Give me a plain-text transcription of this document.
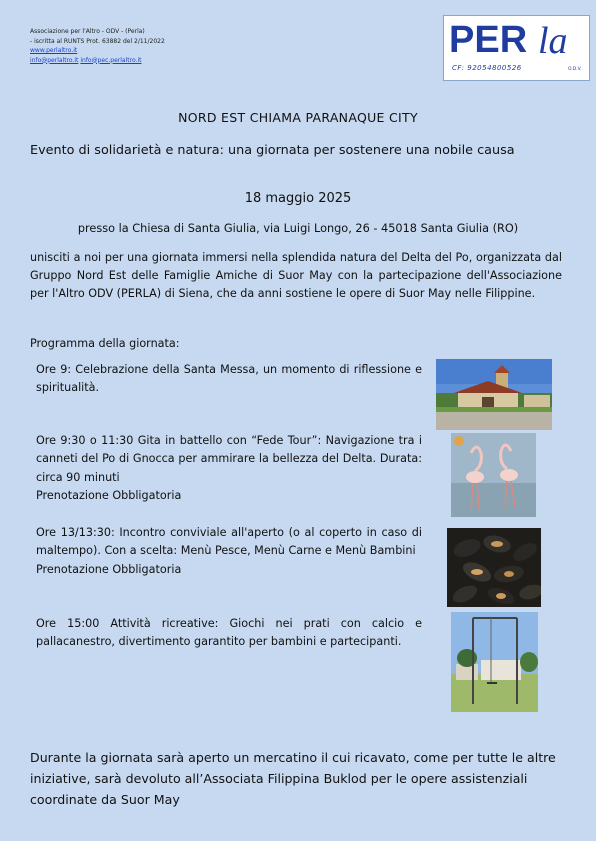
Associazione per l'Altro - ODV - (Perla)
- iscritta al RUNTS Prot. 63882 del 2/11/2022
www.perlaltro.it
info@perlaltro.it info@pec.perlaltro.it	PER la
CF: 92054800526	O.D.V.
NORD EST CHIAMA PARANAQUE CITY
Evento di solidarietà e natura: una giornata per sostenere una nobile causa
18 maggio 2025
presso la Chiesa di Santa Giulia, via Luigi Longo, 26 - 45018 Santa Giulia (RO)
unisciti a noi per una giornata immersi nella splendida natura del Delta del Po, organizzata dal Gruppo Nord Est delle Famiglie Amiche di Suor May con la partecipazione dell'Associazione per l'Altro ODV (PERLA) di Siena, che da anni sostiene le opere di Suor May nelle Filippine.
Programma della giornata:

Ore 9: Celebrazione della Santa Messa, un momento di riflessione e spiritualità.

Ore 9:30 o 11:30 Gita in battello con “Fede Tour”: Navigazione tra i canneti del Po di Gnocca per ammirare la bellezza del Delta. Durata: circa 90 minuti

Prenotazione Obbligatoria

Ore 13/13:30: Incontro conviviale all'aperto (o al coperto in caso di maltempo). Con a scelta: Menù Pesce, Menù Carne e Menù Bambini

Prenotazione Obbligatoria

Ore 15:00 Attività ricreative: Giochi nei prati con calcio e pallacanestro, divertimento garantito per bambini e partecipanti.

Durante la giornata sarà aperto un mercatino il cui ricavato, come per tutte le altre iniziative, sarà devoluto all’Associata Filippina Buklod per le opere assistenziali coordinate da Suor May
